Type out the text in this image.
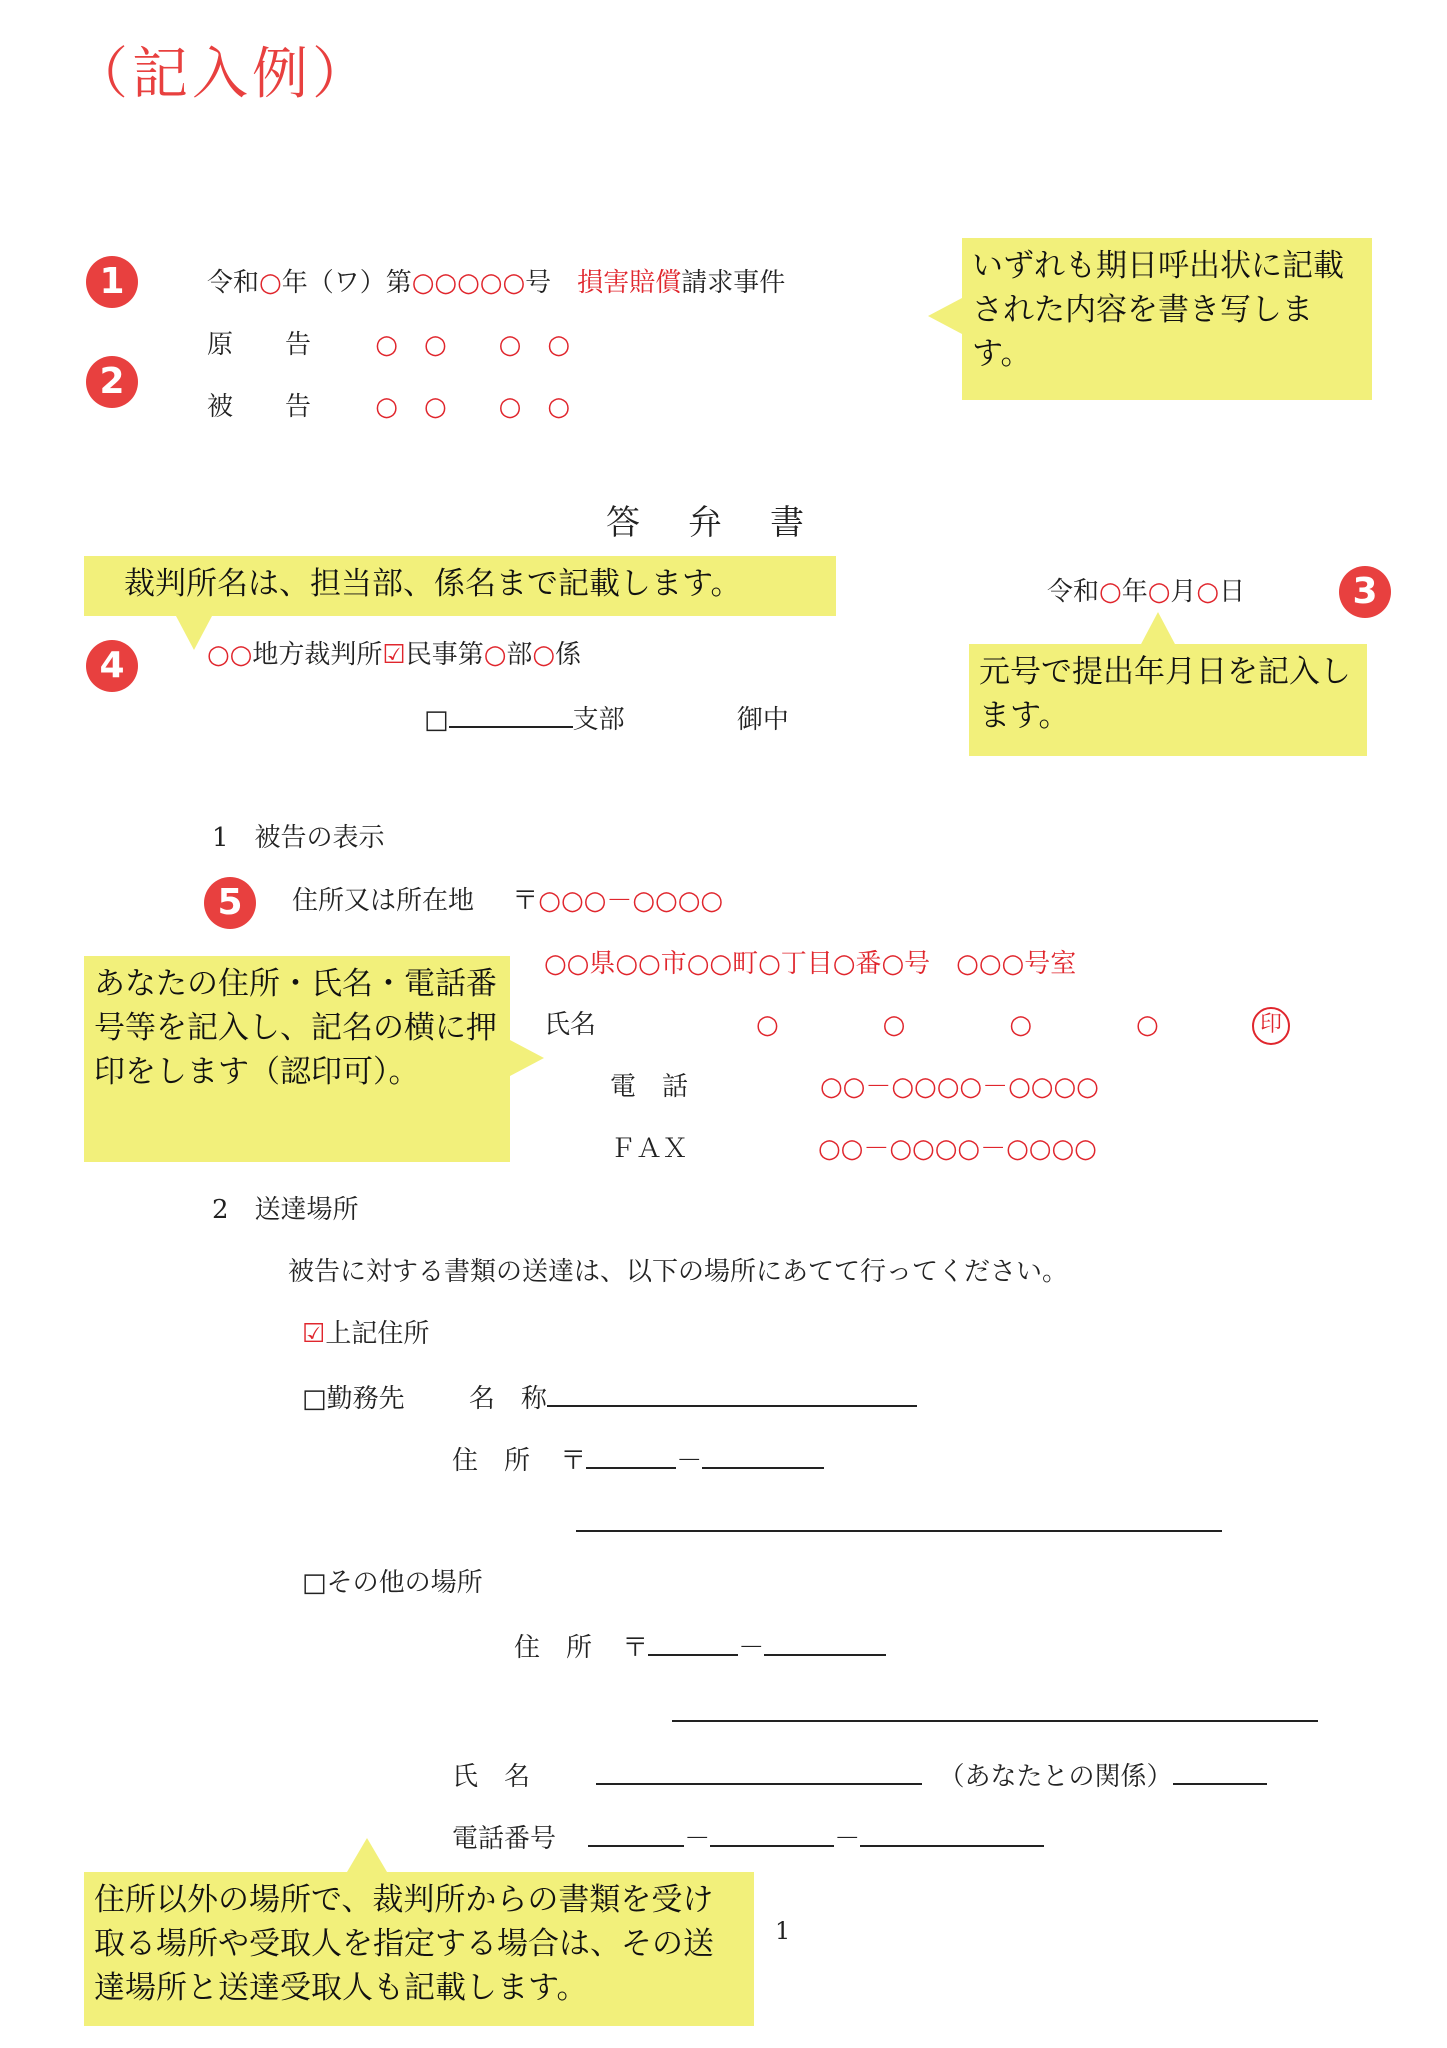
（記入例）
1
2
3
4
5
令和○年（ワ）第○○○○○号　 損害賠償請求事件
原　　告 ○　○　　○　○
被　　告 ○　○　　○　○
いずれも期日呼出状に記載された内容を書き写します。
答弁書
裁判所名は、担当部、係名まで記載します。	令和○年○月○日
元号で提出年月日を記入します。
○○地方裁判所☑民事第○部○係
□	支部	御中
1　被告の表示
住所又は所在地 〒○○○－○○○○
○○県○○市○○町○丁目○番○号　○○○号室
氏名	○　　　　○　　　　○　　　　○	印
電　話	○○－○○○○－○○○○
ＦＡＸ	○○－○○○○－○○○○
あなたの住所・氏名・電話番号等を記入し、記名の横に押印をします（認印可）。
2　送達場所
被告に対する書類の送達は、以下の場所にあてて行ってください。
☑上記住所
□勤務先 名　称
住　所 〒	－
□その他の場所
住　所 〒	－
氏　名	（あなたとの関係）
電話番号	－	－
住所以外の場所で、裁判所からの書類を受け取る場所や受取人を指定する場合は、その送達場所と送達受取人も記載します。
1
